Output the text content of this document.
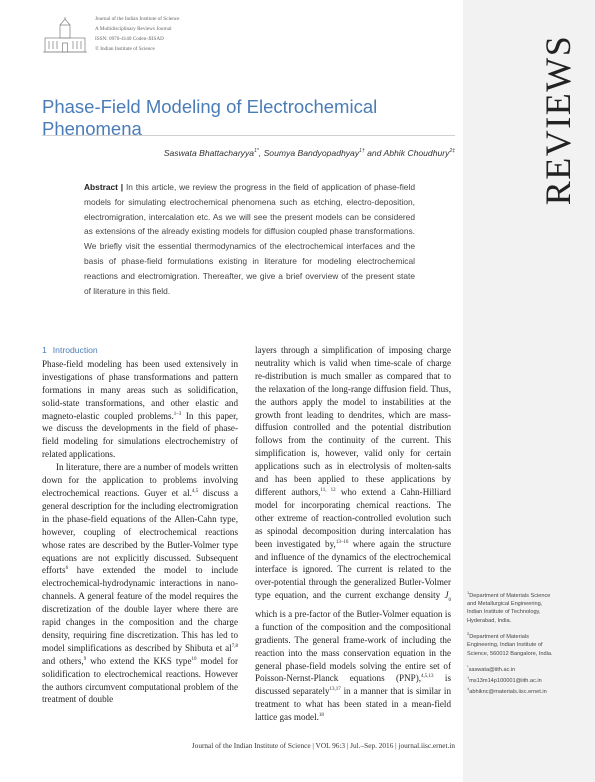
REVIEWS
Journal of the Indian Institute of Science
A Multidisciplinary Reviews Journal
ISSN: 0970-4140 Coden-JIISAD
© Indian Institute of Science
Phase-Field Modeling of Electrochemical Phenomena
Saswata Bhattacharyya$^{1*}$, Soumya Bandyopadhyay$^{1\dagger}$ and Abhik Choudhury$^{2\ddagger}$
Abstract | In this article, we review the progress in the field of application of phase-field models for simulating electrochemical phenomena such as etching, electro-deposition, electromigration, intercalation etc. As we will see the present models can be considered as extensions of the already existing models for diffusion coupled phase transformations. We briefly visit the essential thermodynamics of the electrochemical interfaces and the basis of phase-field formulations existing in literature for modeling electrochemical reactions and electromigration. Thereafter, we give a brief overview of the present state of literature in this field.

1 Introduction

Phase-field modeling has been used extensively in investigations of phase transformations and pattern formations in many areas such as solidification, solid-state transformations, and other elastic and magneto-elastic coupled problems.$^{1-3}$ In this paper, we discuss the developments in the field of phase-field modeling for simulations electrochemistry of related applications.

In literature, there are a number of models written down for the application to problems involving electrochemical reactions. Guyer et al.$^{4,5}$ discuss a general description for the including electromigration in the phase-field equations of the Allen-Cahn type, however, coupling of electrochemical reactions whose rates are described by the Butler-Volmer type equations are not explicitly discussed. Subsequent efforts$^6$ have extended the model to include electrochemical-hydrodynamic interactions in nano-channels. A general feature of the model requires the discretization of the double layer where there are rapid changes in the composition and the charge density, requiring fine discretization. This has led to model simplifications as described by Shibuta et al$^{7,8}$ and others,$^9$ who extend the KKS type$^{10}$ model for solidification to electrochemical reactions. However the authors circumvent computational problem of the treatment of double

layers through a simplification of imposing charge neutrality which is valid when time-scale of charge re-distribution is much smaller as compared that to the relaxation of the long-range diffusion field. Thus, the authors apply the model to instabilities at the growth front leading to dendrites, which are mass-diffusion controlled and the potential distribution follows from the continuity of the current. This simplification is, however, valid only for certain applications such as in electrolysis of molten-salts and has been applied to these applications by different authors,$^{11, 12}$ who extend a Cahn-Hilliard model for incorporating chemical reactions. The other extreme of reaction-controlled evolution such as spinodal decomposition during intercalation has been investigated by,$^{13-16}$ where again the structure and influence of the dynamics of the electrochemical interface is ignored. The current is related to the over-potential through the generalized Butler-Volmer type equation, and the current exchange density $J_0$ which is a pre-factor of the Butler-Volmer equation is a function of the composition and the compositional gradients. The general frame-work of including the reaction into the mass conservation equation in the general phase-field models solving the entire set of Poisson-Nernst-Planck equations (PNP),$^{4,5,13}$ is discussed separately$^{13,17}$ in a manner that is similar in treatment to what has been stated in a mean-field lattice gas model.$^{18}$

$^1$Department of Materials Science and Metallurgical Engineering, Indian Institute of Technology, Hyderabad, India.

$^2$Department of Materials Engineering, Indian Institute of Science, 560012 Bangalore, India.

*saswata@iith.ac.in

†ms13m14p100001@iith.ac.in

‡abhiknc@materials.iisc.ernet.in

Journal of the Indian Institute of Science | VOL 96:3 | Jul.–Sep. 2016 | journal.iisc.ernet.in
